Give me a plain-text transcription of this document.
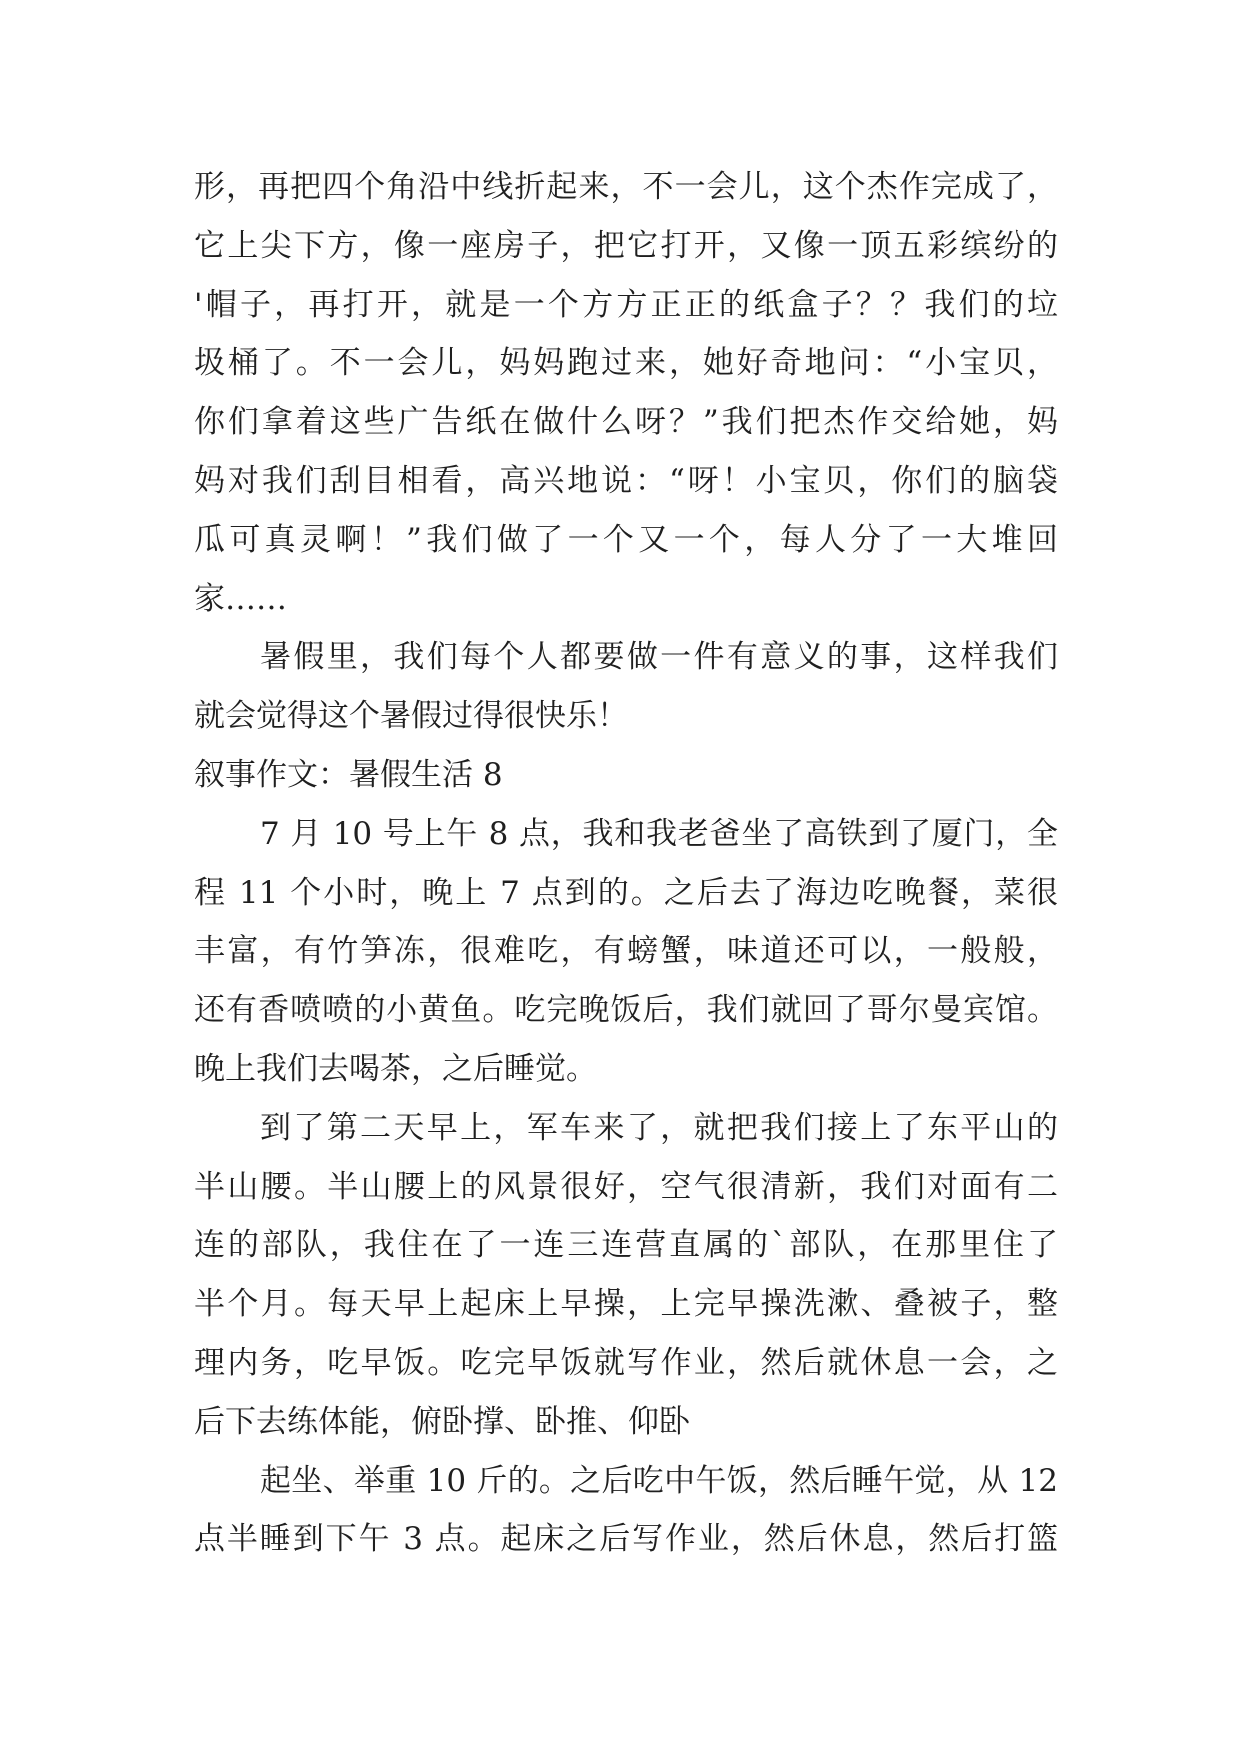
形，再把四个角沿中线折起来，不一会儿，这个杰作完成了，
它上尖下方，像一座房子，把它打开，又像一顶五彩缤纷的
'帽子，再打开，就是一个方方正正的纸盒子？？我们的垃
圾桶了。不一会儿，妈妈跑过来，她好奇地问：“小宝贝，
你们拿着这些广告纸在做什么呀？”我们把杰作交给她，妈
妈对我们刮目相看，高兴地说：“呀！小宝贝，你们的脑袋
瓜可真灵啊！”我们做了一个又一个，每人分了一大堆回
家……
暑假里，我们每个人都要做一件有意义的事，这样我们
就会觉得这个暑假过得很快乐！
叙事作文：暑假生活 8
7 月 10 号上午 8 点，我和我老爸坐了高铁到了厦门，全
程 11 个小时，晚上 7 点到的。之后去了海边吃晚餐，菜很
丰富，有竹笋冻，很难吃，有螃蟹，味道还可以，一般般，
还有香喷喷的小黄鱼。吃完晚饭后，我们就回了哥尔曼宾馆。
晚上我们去喝茶，之后睡觉。
到了第二天早上，军车来了，就把我们接上了东平山的
半山腰。半山腰上的风景很好，空气很清新，我们对面有二
连的部队，我住在了一连三连营直属的`部队，在那里住了
半个月。每天早上起床上早操，上完早操洗漱、叠被子，整
理内务，吃早饭。吃完早饭就写作业，然后就休息一会，之
后下去练体能，俯卧撑、卧推、仰卧
起坐、举重 10 斤的。之后吃中午饭，然后睡午觉，从 12
点半睡到下午 3 点。起床之后写作业，然后休息，然后打篮
